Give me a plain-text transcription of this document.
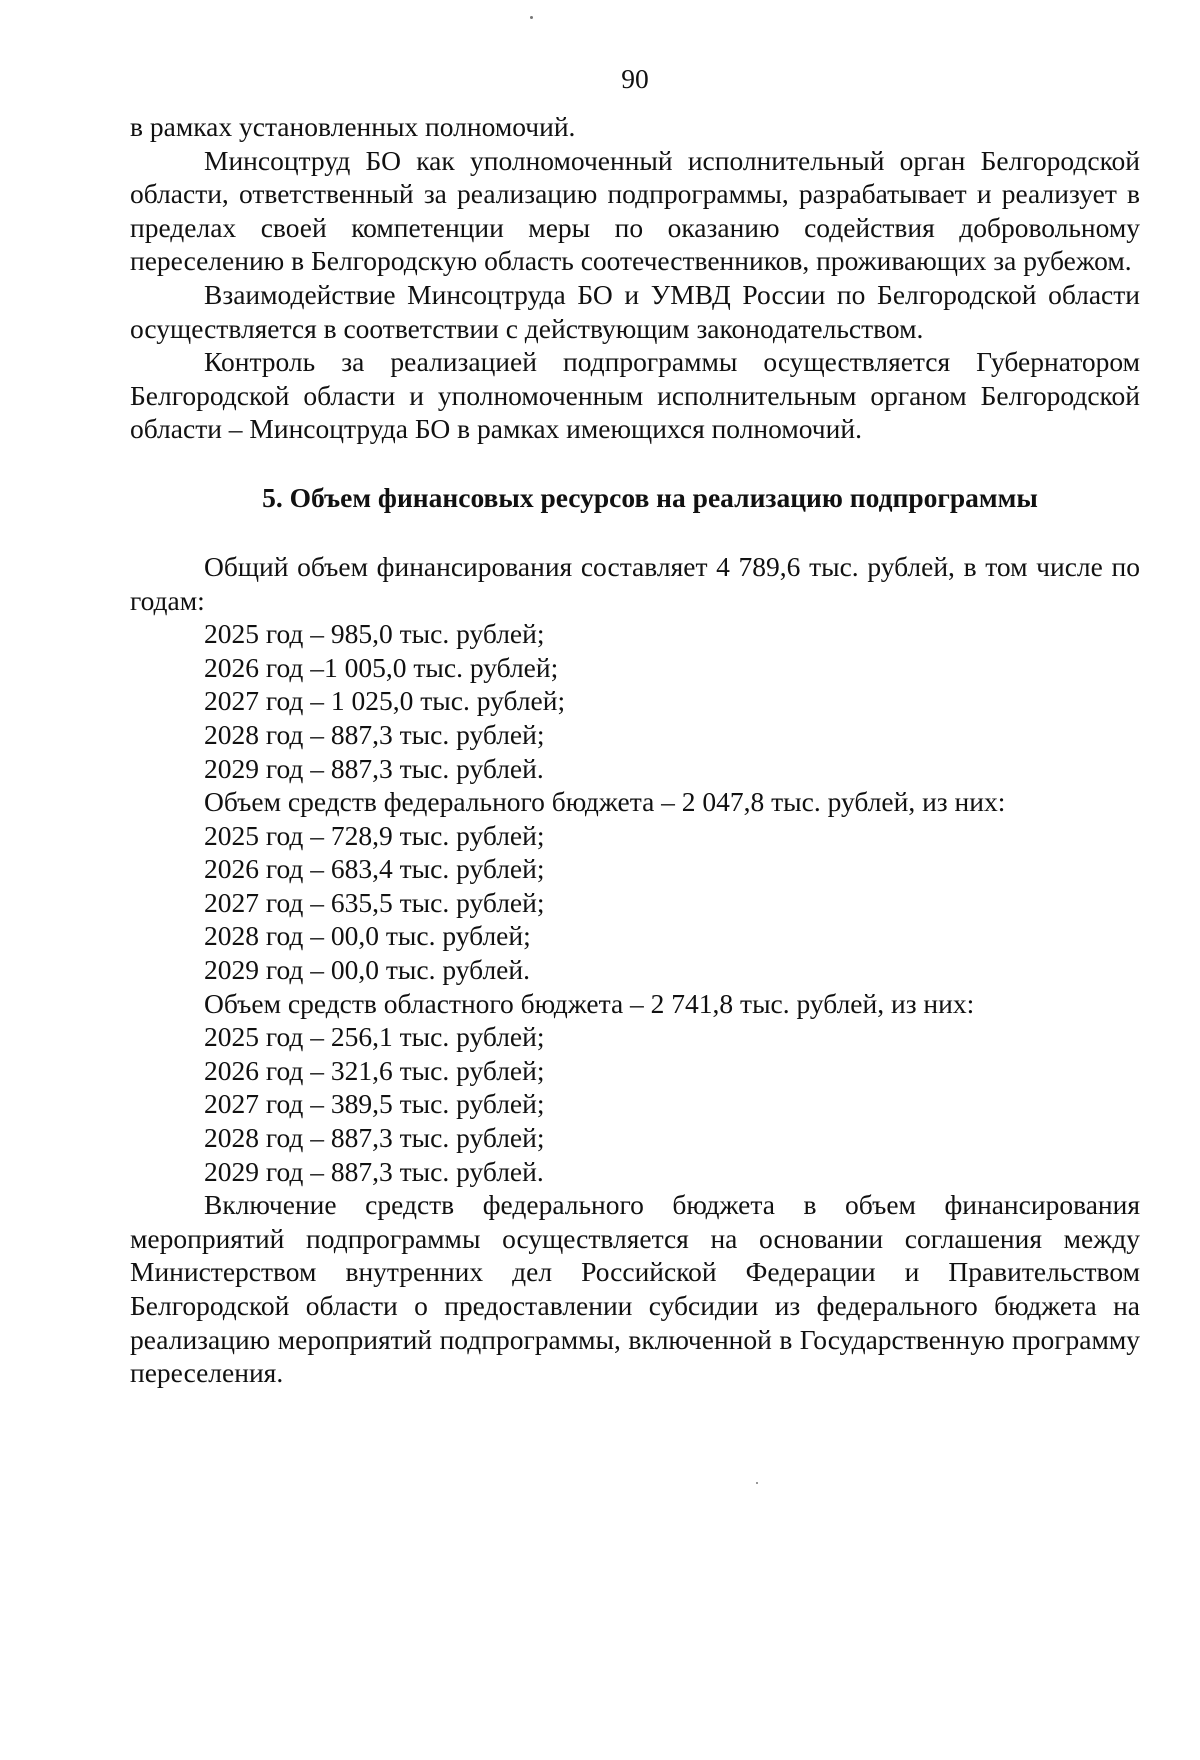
90

в рамках установленных полномочий.

Минсоцтруд БО как уполномоченный исполнительный орган Белгородской области, ответственный за реализацию подпрограммы, разрабатывает и реализует в пределах своей компетенции меры по оказанию содействия добровольному переселению в Белгородскую область соотечественников, проживающих за рубежом.

Взаимодействие Минсоцтруда БО и УМВД России по Белгородской области осуществляется в соответствии с действующим законодательством.

Контроль за реализацией подпрограммы осуществляется Губернатором Белгородской области и уполномоченным исполнительным органом Белгородской области – Минсоцтруда БО в рамках имеющихся полномочий.

5. Объем финансовых ресурсов на реализацию подпрограммы

Общий объем финансирования составляет 4 789,6 тыс. рублей, в том числе по годам:

2025 год – 985,0 тыс. рублей;
2026 год –1 005,0 тыс. рублей;
2027 год – 1 025,0 тыс. рублей;
2028 год – 887,3 тыс. рублей;
2029 год – 887,3 тыс. рублей.
Объем средств федерального бюджета – 2 047,8 тыс. рублей, из них:
2025 год – 728,9 тыс. рублей;
2026 год – 683,4 тыс. рублей;
2027 год – 635,5 тыс. рублей;
2028 год – 00,0 тыс. рублей;
2029 год – 00,0 тыс. рублей.
Объем средств областного бюджета – 2 741,8 тыс. рублей, из них:
2025 год – 256,1 тыс. рублей;
2026 год – 321,6 тыс. рублей;
2027 год – 389,5 тыс. рублей;
2028 год – 887,3 тыс. рублей;
2029 год – 887,3 тыс. рублей.

Включение средств федерального бюджета в объем финансирования мероприятий подпрограммы осуществляется на основании соглашения между Министерством внутренних дел Российской Федерации и Правительством Белгородской области о предоставлении субсидии из федерального бюджета на реализацию мероприятий подпрограммы, включенной в Государственную программу переселения.
